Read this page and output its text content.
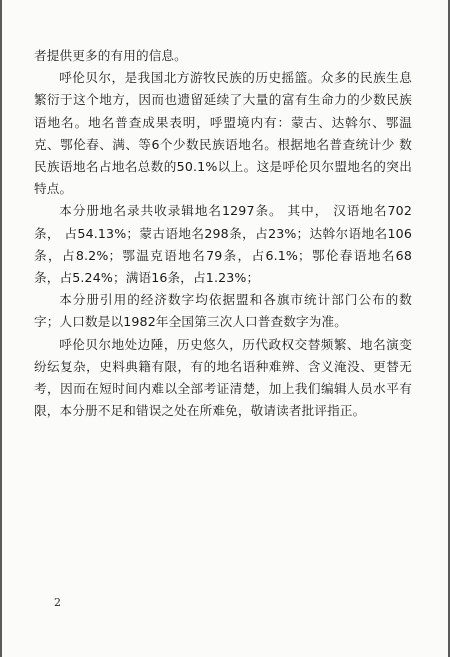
者提供更多的有用的信息。

呼伦贝尔，是我国北方游牧民族的历史摇篮。众多的民族生息繁衍于这个地方，因而也遗留延续了大量的富有生命力的少数民族语地名。地名普查成果表明，呼盟境内有：蒙古、达斡尔、鄂温克、鄂伦春、满、等6个少数民族语地名。根据地名普查统计少 数民族语地名占地名总数的50.1%以上。这是呼伦贝尔盟地名的突出特点。

本分册地名录共收录辑地名1297条。 其中， 汉语地名702条， 占54.13%；蒙古语地名298条，占23%；达斡尔语地名106条，占8.2%；鄂温克语地名79条，占6.1%；鄂伦春语地名68条，占5.24%；满语16条，占1.23%；

本分册引用的经济数字均依据盟和各旗市统计部门公布的数字；人口数是以1982年全国第三次人口普查数字为准。

呼伦贝尔地处边陲，历史悠久，历代政权交替频繁、地名演变纷纭复杂，史料典籍有限，有的地名语种难辨、含义淹没、更替无考，因而在短时间内难以全部考证清楚，加上我们编辑人员水平有限，本分册不足和错误之处在所难免，敬请读者批评指正。

2
